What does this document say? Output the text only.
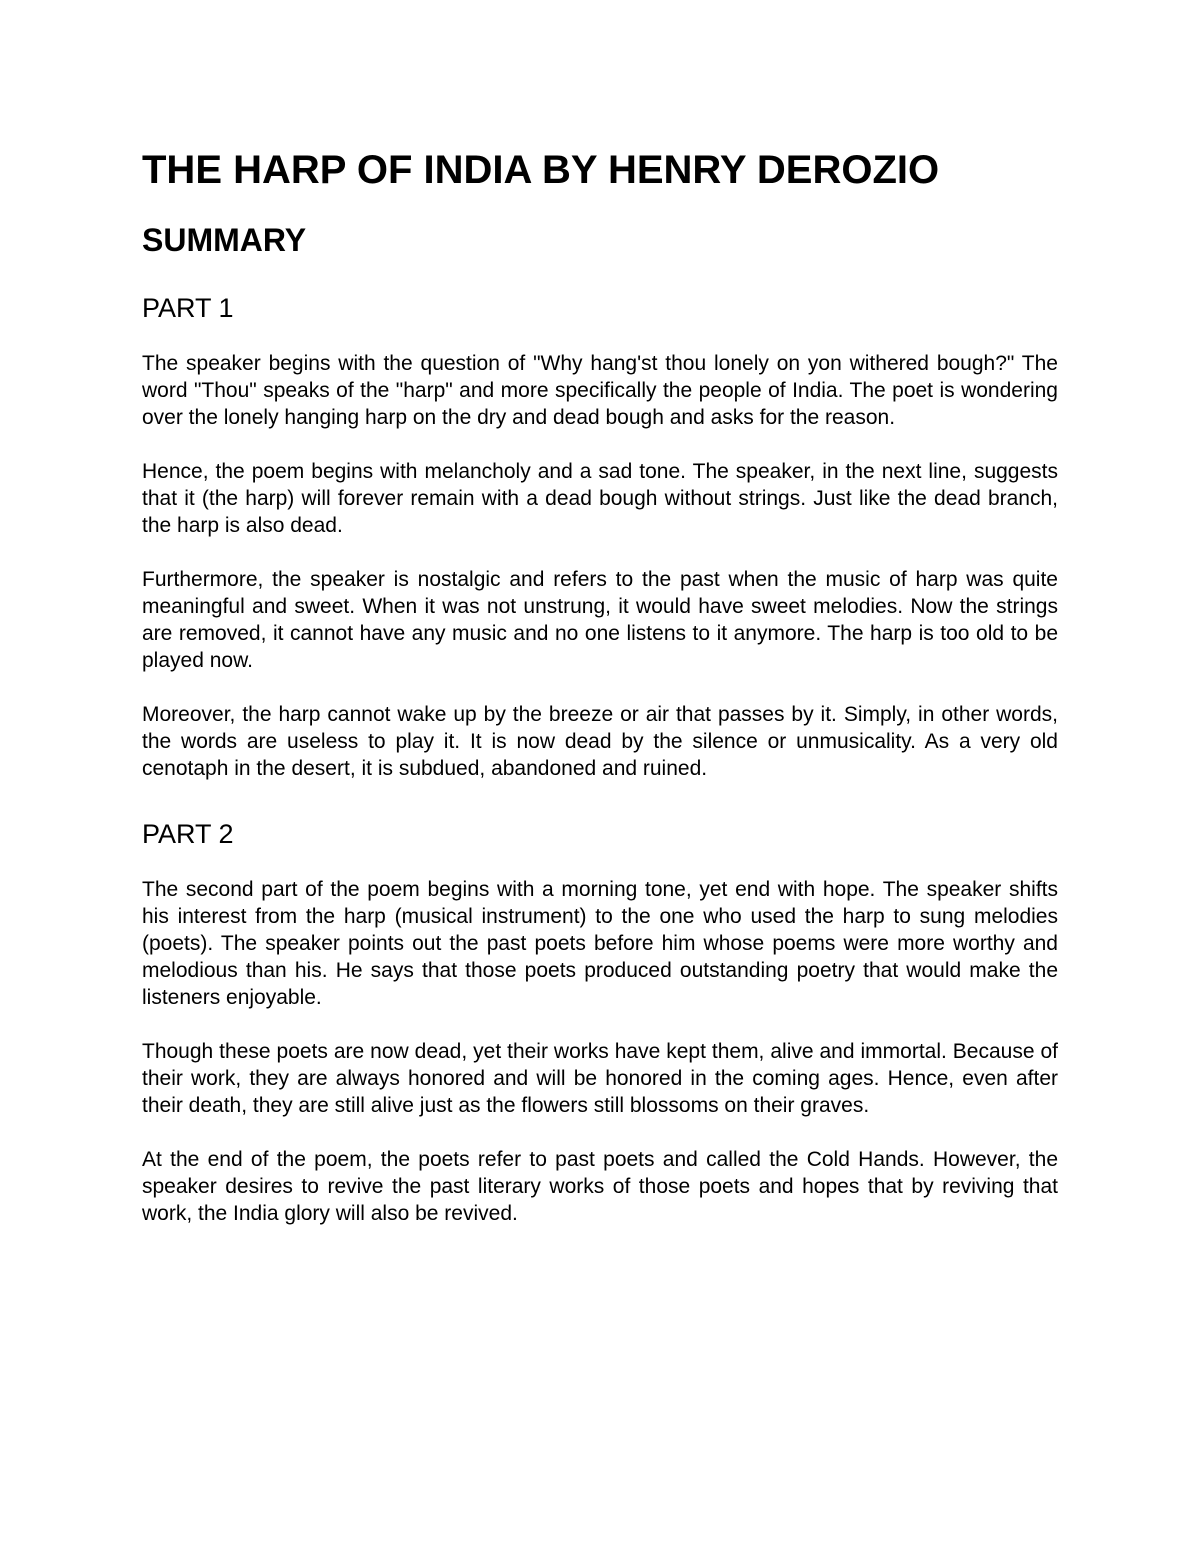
THE HARP OF INDIA BY HENRY DEROZIO
SUMMARY
PART 1

The speaker begins with the question of "Why hang'st thou lonely on yon withered bough?" The word "Thou" speaks of the "harp" and more specifically the people of India. The poet is wondering over the lonely hanging harp on the dry and dead bough and asks for the reason.

Hence, the poem begins with melancholy and a sad tone. The speaker, in the next line, suggests that it (the harp) will forever remain with a dead bough without strings. Just like the dead branch, the harp is also dead.

Furthermore, the speaker is nostalgic and refers to the past when the music of harp was quite meaningful and sweet. When it was not unstrung, it would have sweet melodies. Now the strings are removed, it cannot have any music and no one listens to it anymore. The harp is too old to be played now.

Moreover, the harp cannot wake up by the breeze or air that passes by it. Simply, in other words, the words are useless to play it. It is now dead by the silence or unmusicality. As a very old cenotaph in the desert, it is subdued, abandoned and ruined.

PART 2

The second part of the poem begins with a morning tone, yet end with hope. The speaker shifts his interest from the harp (musical instrument) to the one who used the harp to sung melodies (poets). The speaker points out the past poets before him whose poems were more worthy and melodious than his. He says that those poets produced outstanding poetry that would make the listeners enjoyable.

Though these poets are now dead, yet their works have kept them, alive and immortal. Because of their work, they are always honored and will be honored in the coming ages. Hence, even after their death, they are still alive just as the flowers still blossoms on their graves.

At the end of the poem, the poets refer to past poets and called the Cold Hands. However, the speaker desires to revive the past literary works of those poets and hopes that by reviving that work, the India glory will also be revived.
